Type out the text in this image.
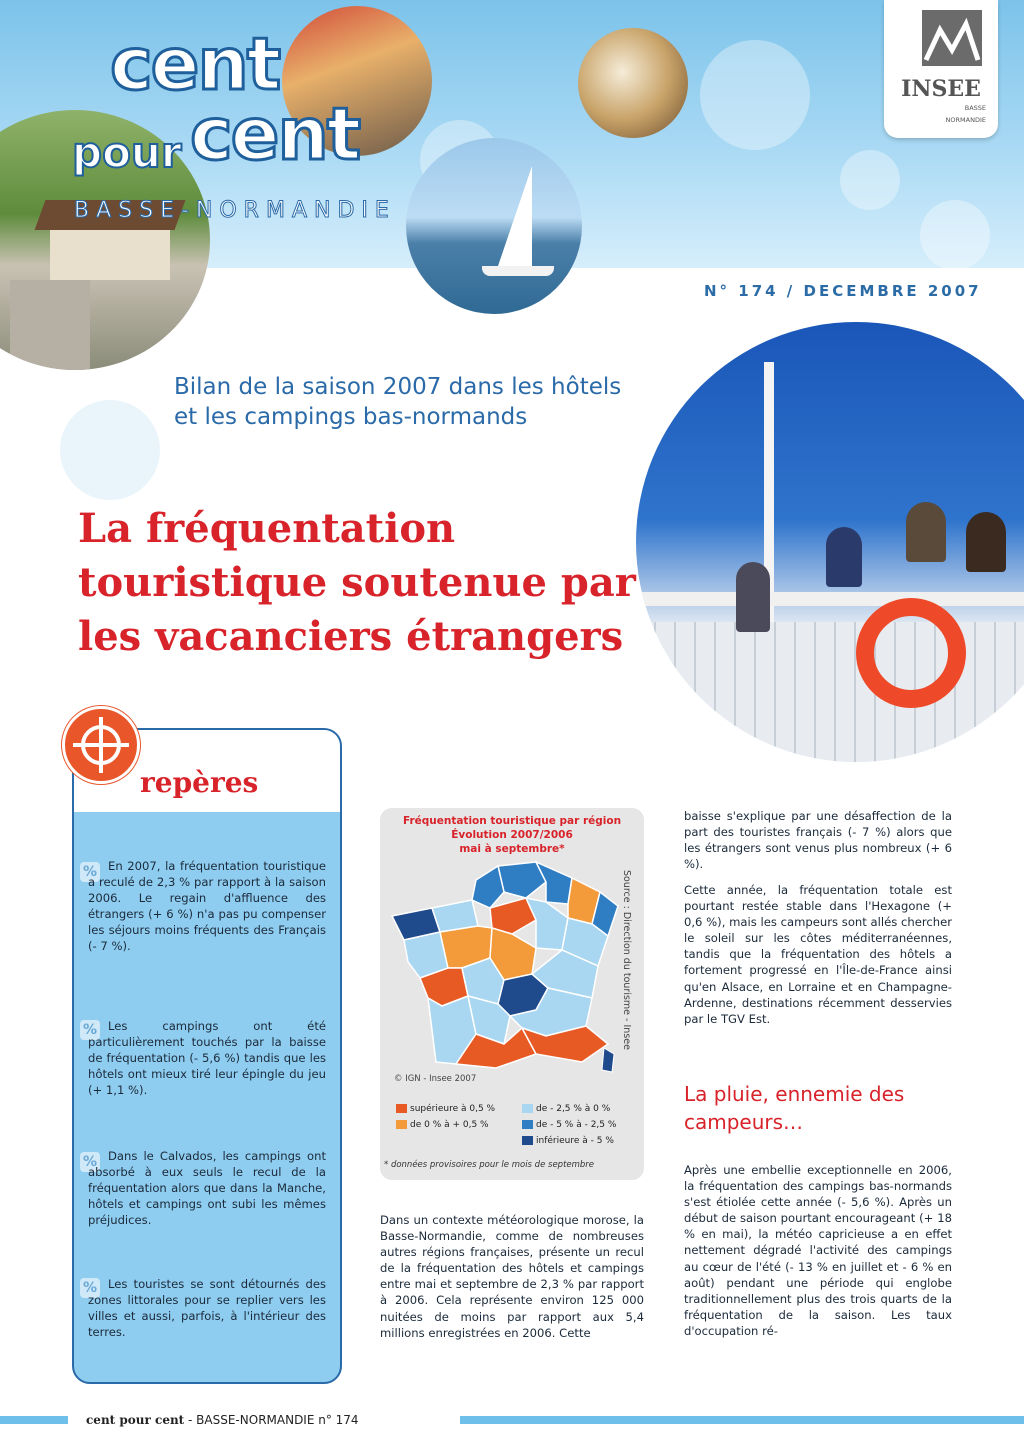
cent
cent
pour
BASSE-NORMANDIE
INSEE
BASSE
NORMANDIE
N° 174 / DECEMBRE 2007
Bilan de la saison 2007 dans les hôtels et les campings bas-normands
La fréquentation touristique soutenue par les vacanciers étrangers
repères
% En 2007, la fréquentation touristique a reculé de 2,3 % par rapport à la saison 2006. Le regain d'affluence des étrangers (+ 6 %) n'a pas pu compenser les séjours moins fréquents des Français (- 7 %).
% Les campings ont été particulièrement touchés par la baisse de fréquentation (- 5,6 %) tandis que les hôtels ont mieux tiré leur épingle du jeu (+ 1,1 %).
% Dans le Calvados, les campings ont absorbé à eux seuls le recul de la fréquentation alors que dans la Manche, hôtels et campings ont subi les mêmes préjudices.
% Les touristes se sont détournés des zones littorales pour se replier vers les villes et aussi, parfois, à l'intérieur des terres.
Fréquentation touristique par région
Évolution 2007/2006
mai à septembre*
Source : Direction du tourisme - Insee
© IGN - Insee 2007
supérieure à 0,5 %
de 0 % à + 0,5 %
de - 2,5 % à 0 %
de - 5 % à - 2,5 %
inférieure à - 5 %
* données provisoires pour le mois de septembre
Dans un contexte météorologique morose, la Basse-Normandie, comme de nombreuses autres régions françaises, présente un recul de la fréquentation des hôtels et campings entre mai et septembre de 2,3 % par rapport à 2006. Cela représente environ 125 000 nuitées de moins par rapport aux 5,4 millions enregistrées en 2006. Cette
baisse s'explique par une désaffection de la part des touristes français (- 7 %) alors que les étrangers sont venus plus nombreux (+ 6 %).
Cette année, la fréquentation totale est pourtant restée stable dans l'Hexagone (+ 0,6 %), mais les campeurs sont allés chercher le soleil sur les côtes méditerranéennes, tandis que la fréquentation des hôtels a fortement progressé en l'Île-de-France ainsi qu'en Alsace, en Lorraine et en Champagne-Ardenne, destinations récemment desservies par le TGV Est.
La pluie, ennemie des campeurs…
Après une embellie exceptionnelle en 2006, la fréquentation des campings bas-normands s'est étiolée cette année (- 5,6 %). Après un début de saison pourtant encourageant (+ 18 % en mai), la météo capricieuse a en effet nettement dégradé l'activité des campings au cœur de l'été (- 13 % en juillet et - 6 % en août) pendant une période qui englobe traditionnellement plus des trois quarts de la fréquentation de la saison. Les taux d'occupation ré-
cent pour cent - BASSE-NORMANDIE n° 174
